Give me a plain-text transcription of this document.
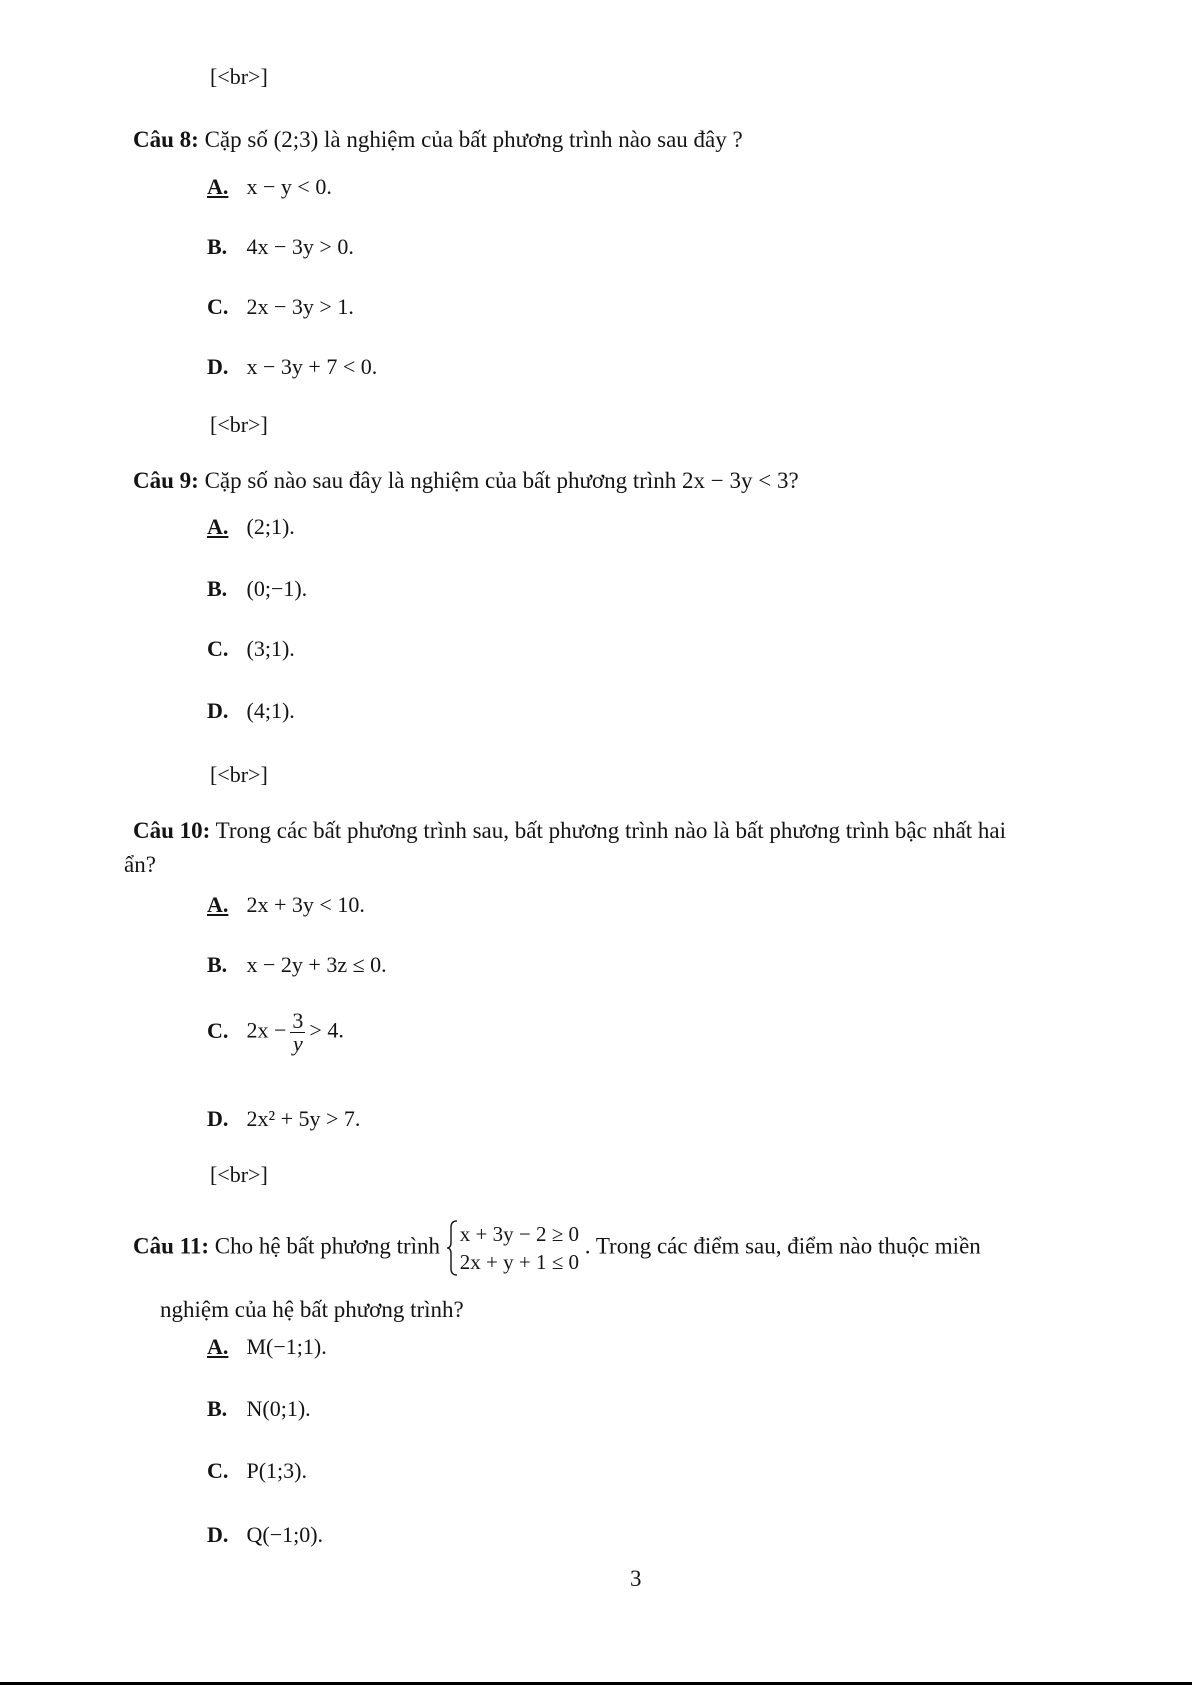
[<br>]
Câu 8: Cặp số (2;3) là nghiệm của bất phương trình nào sau đây ?
A. x − y < 0.
B. 4x − 3y > 0.
C. 2x − 3y > 1.
D. x − 3y + 7 < 0.
[<br>]
Câu 9: Cặp số nào sau đây là nghiệm của bất phương trình 2x − 3y < 3?
A. (2;1).
B. (0;−1).
C. (3;1).
D. (4;1).
[<br>]
Câu 10: Trong các bất phương trình sau, bất phương trình nào là bất phương trình bậc nhất hai
ẩn?
A. 2x + 3y < 10.
B. x − 2y + 3z ≤ 0.
C. $2x - \frac{3}{y} > 4$.
D. 2x² + 5y > 7.
[<br>]
Câu 11: Cho hệ bất phương trình x + 3y − 2 ≥ 0
2x + y + 1 ≤ 0
. Trong các điểm sau, điểm nào thuộc miền
nghiệm của hệ bất phương trình?
A. M(−1;1).
B. N(0;1).
C. P(1;3).
D. Q(−1;0).
3
